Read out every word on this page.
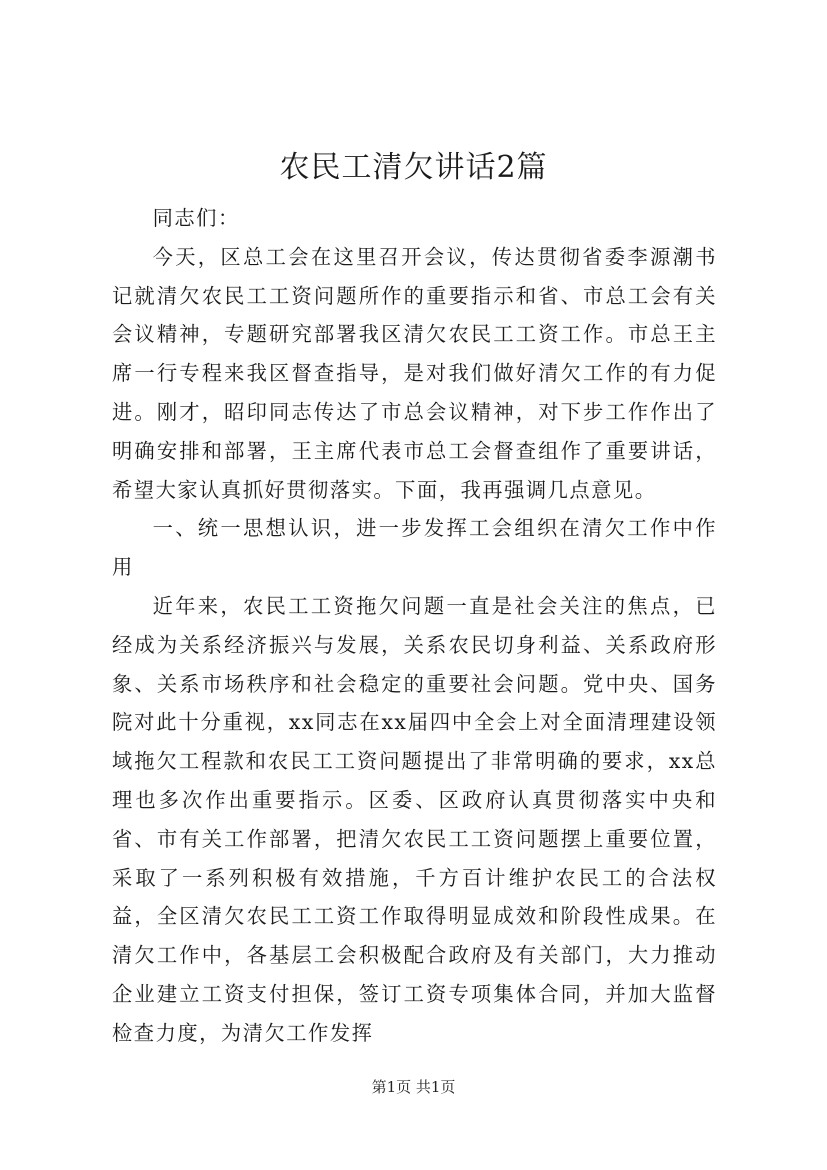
农民工清欠讲话2篇

同志们：

今天，区总工会在这里召开会议，传达贯彻省委李源潮书记就清欠农民工工资问题所作的重要指示和省、市总工会有关会议精神，专题研究部署我区清欠农民工工资工作。市总王主席一行专程来我区督查指导，是对我们做好清欠工作的有力促进。刚才，昭印同志传达了市总会议精神，对下步工作作出了明确安排和部署，王主席代表市总工会督查组作了重要讲话，希望大家认真抓好贯彻落实。下面，我再强调几点意见。

一、统一思想认识，进一步发挥工会组织在清欠工作中作用

近年来，农民工工资拖欠问题一直是社会关注的焦点，已经成为关系经济振兴与发展，关系农民切身利益、关系政府形象、关系市场秩序和社会稳定的重要社会问题。党中央、国务院对此十分重视，xx同志在xx届四中全会上对全面清理建设领域拖欠工程款和农民工工资问题提出了非常明确的要求，xx总理也多次作出重要指示。区委、区政府认真贯彻落实中央和省、市有关工作部署，把清欠农民工工资问题摆上重要位置，采取了一系列积极有效措施，千方百计维护农民工的合法权益，全区清欠农民工工资工作取得明显成效和阶段性成果。在清欠工作中，各基层工会积极配合政府及有关部门，大力推动企业建立工资支付担保，签订工资专项集体合同，并加大监督检查力度，为清欠工作发挥

第1页 共1页
